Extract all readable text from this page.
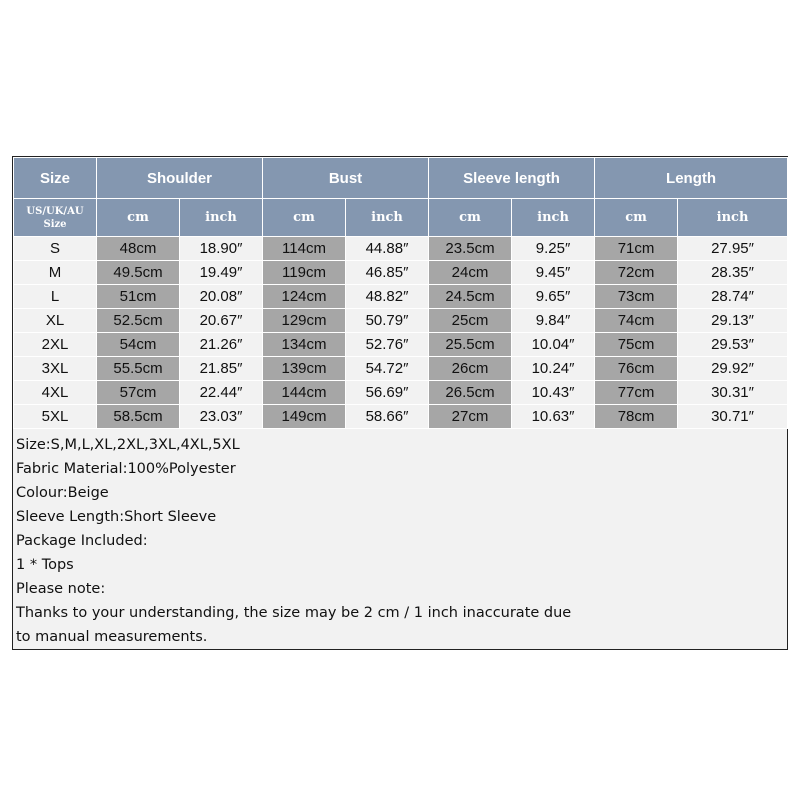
Size	Shoulder		Bust		Sleeve length		Length	

US/UK/AU
Size	cm	inch	cm	inch	cm	inch	cm	inch
S	48cm	18.90″	114cm	44.88″	23.5cm	9.25″	71cm	27.95″
M	49.5cm	19.49″	119cm	46.85″	24cm	9.45″	72cm	28.35″
L	51cm	20.08″	124cm	48.82″	24.5cm	9.65″	73cm	28.74″
XL	52.5cm	20.67″	129cm	50.79″	25cm	9.84″	74cm	29.13″
2XL	54cm	21.26″	134cm	52.76″	25.5cm	10.04″	75cm	29.53″
3XL	55.5cm	21.85″	139cm	54.72″	26cm	10.24″	76cm	29.92″
4XL	57cm	22.44″	144cm	56.69″	26.5cm	10.43″	77cm	30.31″
5XL	58.5cm	23.03″	149cm	58.66″	27cm	10.63″	78cm	30.71″
Size:S,M,L,XL,2XL,3XL,4XL,5XL
Fabric Material:100%Polyester
Colour:Beige
Sleeve Length:Short Sleeve
Package Included:
1 * Tops
Please note:
Thanks to your understanding, the size may be 2 cm / 1 inch inaccurate due
to manual measurements.
